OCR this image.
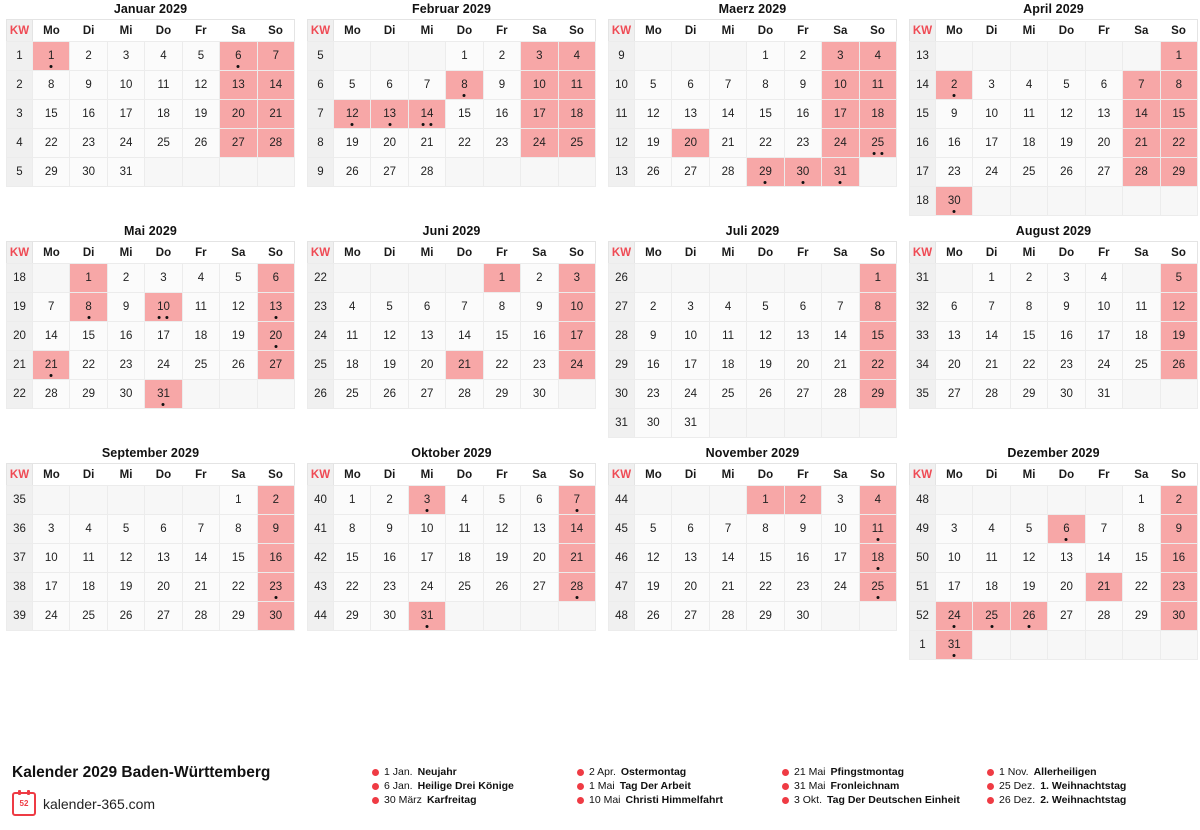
Januar 2029
KW	Mo	Di	Mi	Do	Fr	Sa	So
1	1	2	3	4	5	6	7
2	8	9	10	11	12	13	14
3	15	16	17	18	19	20	21
4	22	23	24	25	26	27	28
5	29	30	31				
Februar 2029
KW	Mo	Di	Mi	Do	Fr	Sa	So
5				1	2	3	4
6	5	6	7	8	9	10	11
7	12	13	14	15	16	17	18
8	19	20	21	22	23	24	25
9	26	27	28				
Maerz 2029
KW	Mo	Di	Mi	Do	Fr	Sa	So
9				1	2	3	4
10	5	6	7	8	9	10	11
11	12	13	14	15	16	17	18
12	19	20	21	22	23	24	25

13	26	27	28	29	30	31

April 2029
KW	Mo	Di	Mi	Do	Fr	Sa	So
13							1
14	2	3	4	5	6	7	8
15	9	10	11	12	13	14	15
16	16	17	18	19	20	21	22
17	23	24	25	26	27	28	29
18	30

Mai 2029
KW	Mo	Di	Mi	Do	Fr	Sa	So
18		1	2	3	4	5	6
19	7	8	9	10	11	12	13

20	14	15	16	17	18	19	20

21	21	22	23	24	25	26	27
22	28	29	30	31

Juni 2029
KW	Mo	Di	Mi	Do	Fr	Sa	So
22					1	2	3
23	4	5	6	7	8	9	10
24	11	12	13	14	15	16	17
25	18	19	20	21	22	23	24
26	25	26	27	28	29	30	
Juli 2029
KW	Mo	Di	Mi	Do	Fr	Sa	So
26							1
27	2	3	4	5	6	7	8
28	9	10	11	12	13	14	15
29	16	17	18	19	20	21	22
30	23	24	25	26	27	28	29
31	30	31					
August 2029
KW	Mo	Di	Mi	Do	Fr	Sa	So
31		1	2	3	4		5
32	6	7	8	9	10	11	12
33	13	14	15	16	17	18	19
34	20	21	22	23	24	25	26
35	27	28	29	30	31		
September 2029
KW	Mo	Di	Mi	Do	Fr	Sa	So
35						1	2
36	3	4	5	6	7	8	9
37	10	11	12	13	14	15	16
38	17	18	19	20	21	22	23

39	24	25	26	27	28	29	30
Oktober 2029
KW	Mo	Di	Mi	Do	Fr	Sa	So
40	1	2	3	4	5	6	7

41	8	9	10	11	12	13	14
42	15	16	17	18	19	20	21
43	22	23	24	25	26	27	28

44	29	30	31

November 2029
KW	Mo	Di	Mi	Do	Fr	Sa	So
44				1	2	3	4
45	5	6	7	8	9	10	11

46	12	13	14	15	16	17	18

47	19	20	21	22	23	24	25

48	26	27	28	29	30		
Dezember 2029
KW	Mo	Di	Mi	Do	Fr	Sa	So
48						1	2
49	3	4	5	6	7	8	9
50	10	11	12	13	14	15	16
51	17	18	19	20	21	22	23
52	24	25	26	27	28	29	30
1	31

Kalender 2029 Baden-Württemberg
52	kalender-365.com
1 Jan. Neujahr	2 Apr. Ostermontag	21 Mai Pfingstmontag	1 Nov. Allerheiligen
6 Jan. Heilige Drei Könige	1 Mai Tag Der Arbeit	31 Mai Fronleichnam	25 Dez. 1. Weihnachtstag
30 März Karfreitag	10 Mai Christi Himmelfahrt	3 Okt. Tag Der Deutschen Einheit	26 Dez. 2. Weihnachtstag
